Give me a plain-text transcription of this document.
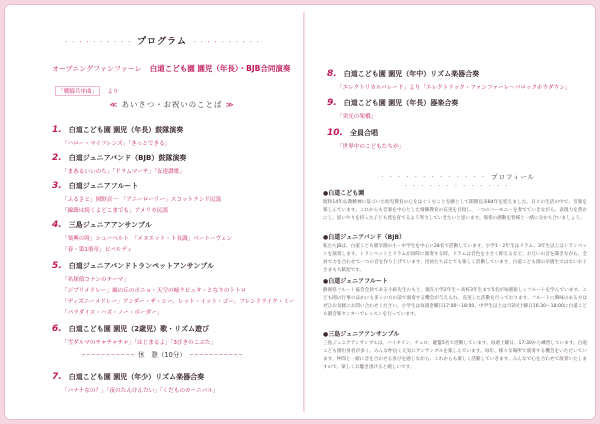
・・・・・・・・・・ プログラム ・・・・・・・・・・
オープニングファンファーレ 白道こども園 園児（年長）・BJB合同演奏
「戦騎兵序曲」 より
≪ あいさつ・お祝いのことば ≫
1. 白道こども園 園児（年長）鼓隊演奏
「ハロー・マイフレンズ」「きっとできる」
2. 白道ジュニアバンド（BJB）鼓隊演奏
「まあるいいのち」「ドラムマーチ」「友達讃歌」
3. 白道ジュニアフルート
「ふるさと」岡野貞一　「アニーローリー」スコットランド民謡
「線路は続くよどこまでも」アメリカ民謡
4. 三島ジュニアアンサンブル
「楽興の時」シューベルト　「メヌエット・ト長調」ベートーヴェン
「春・第1楽章」ビバルディ
5. 白道ジュニアバンドトランペットアンサンブル
「名探偵コナンのテーマ」
「ジブリメドレー」風の丘のポニョ・天空の城ラピュタ・となりのトトロ
「ディズニーメドレー」アンダー・ザ・シー、レット・イット・ゴー、フレンドライク・ミー
「パラダイス・ハズ・ノー・ボーダー」
6. 白道こども園 園児（2歳児）歌・リズム遊び
「雪ダルマのチャチャチャ」「はじまるよ」「3びきのこぶた」
休　憩（10分）
7. 白道こども園 園児（年少）リズム楽器合奏
「バナナなの？」「夜のたんけんたい」「くだものカーニバル」
8. 白道こども園 園児（年中）リズム楽器合奏
「エレクトリカルパレード」より「エレクトリック・ファンファーレ〜バロックホウダウン」
9. 白道こども園 園児（年長）器楽合奏
「栄光の架橋」
10. 全員合唱
「世界中のこどもたちが」
・・・・・・・・・・・・・ プロフィール ・・・・・・・・・・・・・
●白道こども園
昭和14年仏教精神に基づいた幼児教育の心をはぐくむことを願として開園以来84年を迎えました。日々の生活の中で、音楽を楽しんでいます。これからも音楽を中心とした情操教育の充実を目指し、一つのハーモニーを奏でていきながら、表現力を豊かにし、思いやりを持った子ども達を育てるよう努力していきたいと思います。演奏の感動を皆様と一緒に分かち合いましょう。
●白道ジュニアバンド（BJB）
私たちJBは、白道こども園卒園の小・中学生を中心に28名で活動しています。小学1・2年生はドラム、3年生以上はトランペットを演奏します。トランペットとドラムが同時に演奏する時、ドラムは音色を小さく抑えるなど、お互いの音を聞きながら、全員で力を合わせて一つの音を作り上げています。団員たちはとても楽しく活動しています。白道こども園の卒園生ではないお子さまも大歓迎です。
●白道ジュニアフルート
静岡県フルート協会会員である小椋先生のもと、現在小学2年生〜高校3年生まで5名が毎週楽しくフルートを学んでいます。こども園の行事のほかにも多くの方の前で演奏する機会が与えられ、充実した活動を行っております。フルートに興味のある方はぜひお気軽にお問い合わせください。小学生は毎週金曜日17:00〜18:00、中学生以上は月2回土曜日16:30〜18:00に白道こども園音楽センターでレッスンを行っています。
●三島ジュニアアンサンブル
三島ジュニアアンサンブルは、バイオリン、チェロ、鍵盤5名で活動しています。毎週土曜日、17:30から練習しています。白道こども園出身者が多く、みんな仲良く元気にアンサンブルを楽しんでいます。毎年、様々な場所で演奏する機会をいただいています。仲間と一緒に音を合わせる喜びを感じながら、これからも楽しく活動していきます。みんなで心を合わせて演奏いたしますので、楽しくお聴き頂けると嬉しいです。
